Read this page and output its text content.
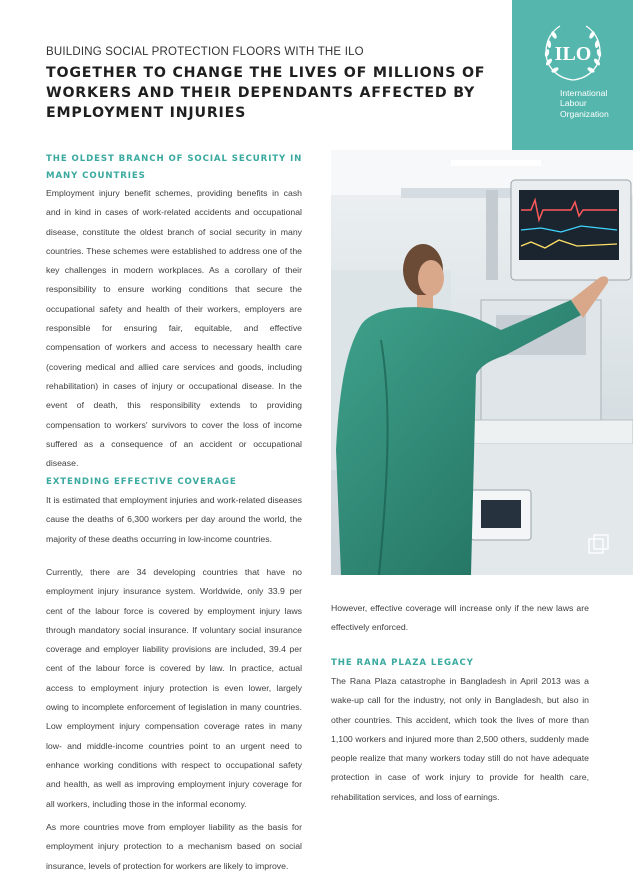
BUILDING SOCIAL PROTECTION FLOORS WITH THE ILO
TOGETHER TO CHANGE THE LIVES OF MILLIONS OF WORKERS AND THEIR DEPENDANTS AFFECTED BY EMPLOYMENT INJURIES
ILO
International
Labour
Organization
THE OLDEST BRANCH OF SOCIAL SECURITY IN MANY COUNTRIES
Employment injury benefit schemes, providing benefits in cash and in kind in cases of work-related accidents and occupational disease, constitute the oldest branch of social security in many countries. These schemes were established to address one of the key challenges in modern workplaces. As a corollary of their responsibility to ensure working conditions that secure the occupational safety and health of their workers, employers are responsible for ensuring fair, equitable, and effective compensation of workers and access to necessary health care (covering medical and allied care services and goods, including rehabilitation) in cases of injury or occupational disease. In the event of death, this responsibility extends to providing compensation to workers' survivors to cover the loss of income suffered as a consequence of an accident or occupational disease.
EXTENDING EFFECTIVE COVERAGE
It is estimated that employment injuries and work-related diseases cause the deaths of 6,300 workers per day around the world, the majority of these deaths occurring in low-income countries.
Currently, there are 34 developing countries that have no employment injury insurance system. Worldwide, only 33.9 per cent of the labour force is covered by employment injury laws through mandatory social insurance. If voluntary social insurance coverage and employer liability provisions are included, 39.4 per cent of the labour force is covered by law. In practice, actual access to employment injury protection is even lower, largely owing to incomplete enforcement of legislation in many countries. Low employment injury compensation coverage rates in many low- and middle-income countries point to an urgent need to enhance working conditions with respect to occupational safety and health, as well as improving employment injury coverage for all workers, including those in the informal economy.
As more countries move from employer liability as the basis for employment injury protection to a mechanism based on social insurance, levels of protection for workers are likely to improve.
However, effective coverage will increase only if the new laws are effectively enforced.
THE RANA PLAZA LEGACY
The Rana Plaza catastrophe in Bangladesh in April 2013 was a wake-up call for the industry, not only in Bangladesh, but also in other countries. This accident, which took the lives of more than 1,100 workers and injured more than 2,500 others, suddenly made people realize that many workers today still do not have adequate protection in case of work injury to provide for health care, rehabilitation services, and loss of earnings.
